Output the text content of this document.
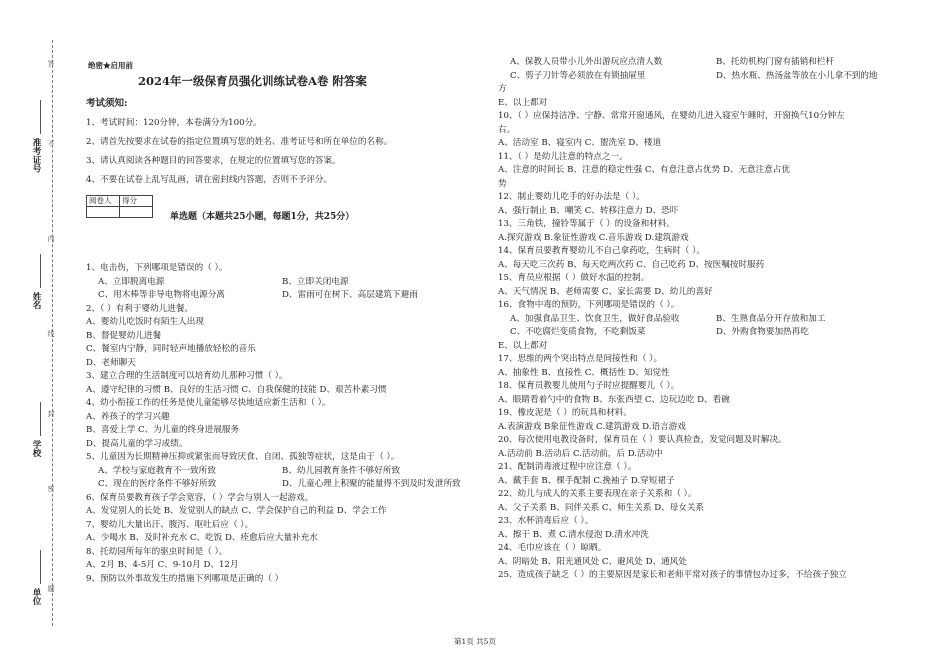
准考证号
姓名
学校
单位
答
不
内
线
封
密
题
绝密★启用前
2024年一级保育员强化训练试卷A卷 附答案
考试须知:
1、考试时间：120分钟，本卷满分为100分。
2、请首先按要求在试卷的指定位置填写您的姓名、准考证号和所在单位的名称。
3、请认真阅读各种题目的回答要求，在规定的位置填写您的答案。
4、不要在试卷上乱写乱画，请在密封线内答题，否则不予评分。
阅卷人	得分

单选题（本题共25小题，每题1分，共25分）
1、电击伤，下列哪项是错误的（ ）。
A、立即脱离电源	B、立即关闭电源
C、用木棒等非导电物将电源分离	D、雷雨可在树下、高层建筑下避雨
2、（ ）有利于婴幼儿进餐。
A、婴幼儿吃饭时有陌生人出现
B、督促婴幼儿进餐
C、餐室内宁静，同时轻声地播放轻松的音乐
D、老师聊天
3、建立合理的生活制度可以培育幼儿那种习惯（ ）。
A、遵守纪律的习惯 B、良好的生活习惯 C、自我保健的技能 D、艰苦朴素习惯
4、幼小衔接工作的任务是使儿童能够尽快地适应新生活和（ ）。
A、养孩子的学习兴趣
B、喜爱上学 C、为儿童的终身进展服务
D、提高儿童的学习成绩。
5、儿童因为长期精神压抑或紧张而导致厌食、自闭、孤独等症状，这是由于（ ）。
A、学校与家庭教育不一致所致	B、幼儿园教育条件不够好所致
C、现在的医疗条件不够好所致	D、儿童心理上积聚的能量得不到及时发泄所致
6、保育员要教育孩子学会宽容，（ ）学会与别人一起游戏。
A、发觉别人的长处 B、发觉别人的缺点 C、学会保护自己的利益 D、学会工作
7、婴幼儿大量出汗、腹泻、呕吐后应（ ）。
A、少喝水 B、及时补充水 C、吃饭 D、痊愈后应大量补充水
8、托幼园所每年的驱虫时间是（ ）。
A、2月 B、4-5月 C、9-10月 D、12月
9、预防以外事故发生的措施下列哪项是正确的（ ）
A、保教人员带小儿外出游玩应点清人数	B、托幼机构门窗有插销和栏杆
C、剪子刀针等必须放在有锁抽屉里	D、热水瓶、热汤盆等放在小儿拿不到的地
方
E、以上都对
10、（ ）应保持洁净、宁静、常常开窗通风，在婴幼儿进入寝室午睡时，开窗换气10分钟左
右。
A、活动室 B、寝室内 C、盥洗室 D、楼道
11、（ ）是幼儿注意的特点之一。
A、注意的时间长 B、注意的稳定性强 C、有意注意占优势 D、无意注意占优
势
12、制止婴幼儿吃手的好办法是（ ）。
A、强行制止 B、嘲笑 C、转移注意力 D、恐吓
13、三角铁，撞铃等属于（ ）的设备和材料。
A.探究游戏 B.象征性游戏 C.音乐游戏 D.建筑游戏
14、保育员要教育婴幼儿不自己拿药吃，生病时（ ）。
A、每天吃三次药 B、每天吃两次药 C、自己吃药 D、按医嘱按时服药
15、育员应根据（ ）做好水温的控制。
A、天气情况 B、老师需要 C、家长需要 D、幼儿的喜好
16、食物中毒的预防，下列哪项是错误的（ ）。
A、加强食品卫生、饮食卫生，做好食品验收	B、生熟食品分开存放和加工
C、不吃腐烂变质食物，不吃剩饭菜	D、外购食物要加热再吃
E、以上都对
17、思维的两个突出特点是间接性和（ ）。
A、抽象性 B、直接性 C、概括性 D、知觉性
18、保育员教婴儿使用勺子时应提醒婴儿（ ）。
A、眼睛看着勺中的食物 B、东张西望 C、边玩边吃 D、看碗
19、橡皮泥是（ ）的玩具和材料。
A.表演游戏 B象征性游戏 C.建筑游戏 D.语言游戏
20、每次使用电教设备时，保育员在（ ）要认真检查，发觉问题及时解决。
A.活动前 B.活动后 C.活动前，后 D.活动中
21、配制消毒液过程中应注意（ ）。
A、戴手套 B、棵手配制 C.挽袖子 D.穿短裙子
22、幼儿与成人的关系主要表现在亲子关系和（ ）。
A、父子关系 B、同伴关系 C、师生关系 D、母女关系
23、水杯消毒后应（ ）。
A、擦干 B、煮 C.清水侵泡 D.清水冲洗
24、毛巾应该在（ ）晾晒。
A、阴暗处 B、阳光通风处 C、避风处 D、通风处
25、造成孩子缺乏（ ）的主要原因是家长和老师平常对孩子的事情包办过多，不给孩子独立
第1页 共5页
